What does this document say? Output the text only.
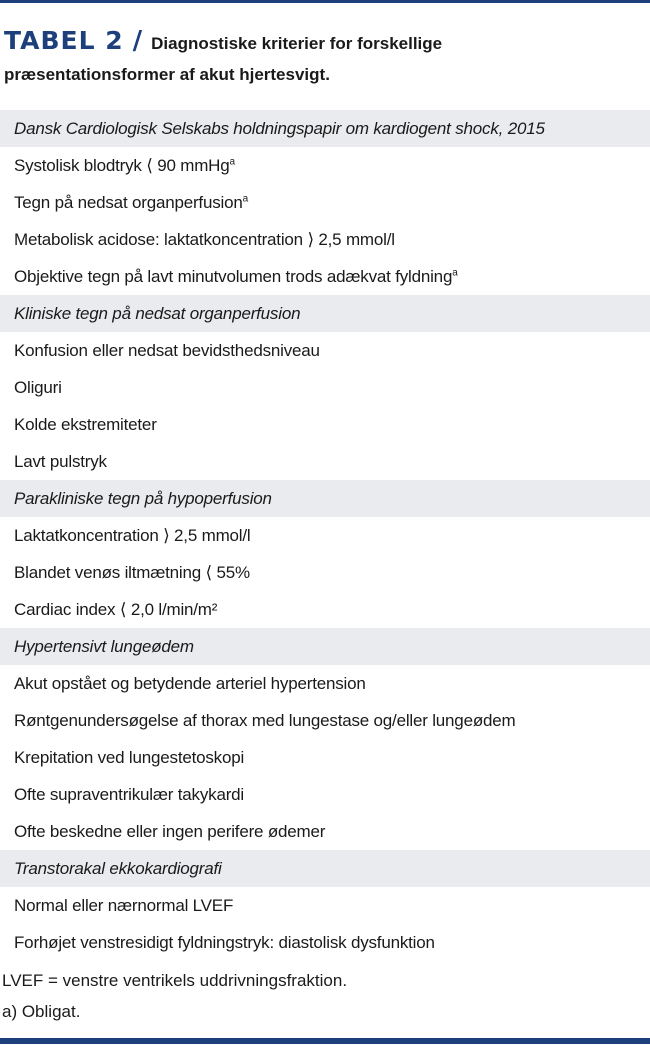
TABEL 2 / Diagnostiske kriterier for forskellige
præsentationsformer af akut hjertesvigt.
Dansk Cardiologisk Selskabs holdningspapir om kardiogent shock, 2015
Systolisk blodtryk ⟨ 90 mmHg$^a$
Tegn på nedsat organperfusion$^a$
Metabolisk acidose: laktatkoncentration ⟩ 2,5 mmol/l
Objektive tegn på lavt minutvolumen trods adækvat fyldning$^a$
Kliniske tegn på nedsat organperfusion
Konfusion eller nedsat bevidsthedsniveau
Oliguri
Kolde ekstremiteter
Lavt pulstryk
Parakliniske tegn på hypoperfusion
Laktatkoncentration ⟩ 2,5 mmol/l
Blandet venøs iltmætning ⟨ 55%
Cardiac index ⟨ 2,0 l/min/m²
Hypertensivt lungeødem
Akut opstået og betydende arteriel hypertension
Røntgenundersøgelse af thorax med lungestase og/eller lungeødem
Krepitation ved lungestetoskopi
Ofte supraventrikulær takykardi
Ofte beskedne eller ingen perifere ødemer
Transtorakal ekkokardiografi
Normal eller nærnormal LVEF
Forhøjet venstresidigt fyldningstryk: diastolisk dysfunktion
LVEF = venstre ventrikels uddrivningsfraktion.
a) Obligat.
